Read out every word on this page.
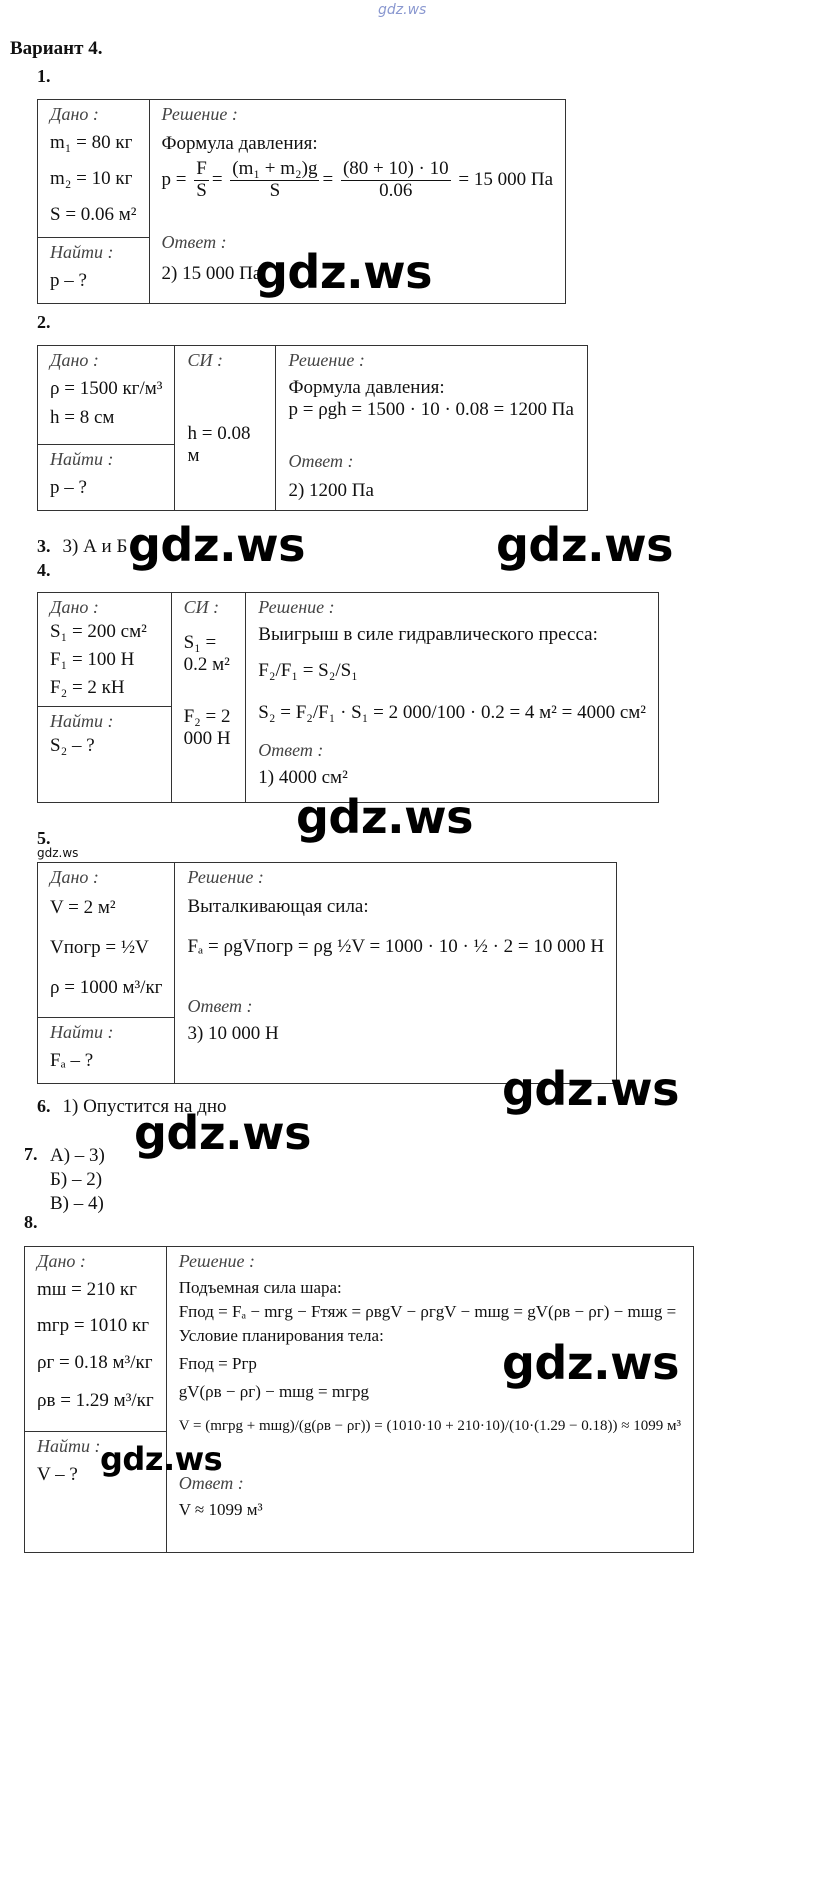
gdz.ws
Вариант 4.
1.
Дано :
m₁ = 80 кг
m₂ = 10 кг
S = 0.06 м²

Решение :
Формула давления:
$p = \frac{F}{S} = \frac{\text{(m₁ + m₂)g}}{S} = \frac{(80 + 10) \cdot 10}{0.06} = 15$ 000 Па
Ответ :
2) 15 000 Па

Найти :
p – ?	gdz.ws
2.
Дано :
ρ = 1500 кг/м³
h = 8 см

СИ :
h = 0.08 м

Решение :
Формула давления:
p = ρgh = 1500 · 10 · 0.08 = 1200 Па
Ответ :
2) 1200 Па

Найти :
p – ?
3. 3) А и Б gdz.ws	gdz.ws
4.
Дано :
S₁ = 200 см²
F₁ = 100 Н
F₂ = 2 кН

СИ :
S₁ = 0.2 м²
F₂ = 2 000 Н

Решение :
Выигрыш в силе гидравлического пресса:
F₂/F₁ = S₂/S₁
S₂ = F₂/F₁ · S₁ = 2 000/100 · 0.2 = 4 м² = 4000 см²
Ответ :
1) 4000 см²

Найти :
S₂ – ?
gdz.ws
5.
gdz.ws
Дано :
V = 2 м²
Vпогр = ½V
ρ = 1000 м³/кг

Решение :
Выталкивающая сила:
Fₐ = ρgVпогр = ρg ½V = 1000 · 10 · ½ · 2 = 10 000 Н
Ответ :
3) 10 000 Н

Найти :
Fₐ – ?
gdz.ws
6. 1) Опустится на дно
gdz.ws
7. А) – 3)
Б) – 2)
В) – 4)
8.
Дано :
mш = 210 кг
mгр = 1010 кг
ρг = 0.18 м³/кг
ρв = 1.29 м³/кг

Решение :
Подъемная сила шара:
Fпод = Fₐ − mгg − Fтяж = ρвgV − ρгgV − mшg = gV(ρв − ρг) − mшg =
Условие планирования тела:
Fпод = Pгр
gV(ρв − ρг) − mшg = mгрg
V = (mгрg + mшg)/(g(ρв − ρг)) = (1010·10 + 210·10)/(10·(1.29 − 0.18)) ≈ 1099 м³
Ответ :
V ≈ 1099 м³

Найти :
V – ?
gdz.ws
gdz.ws
